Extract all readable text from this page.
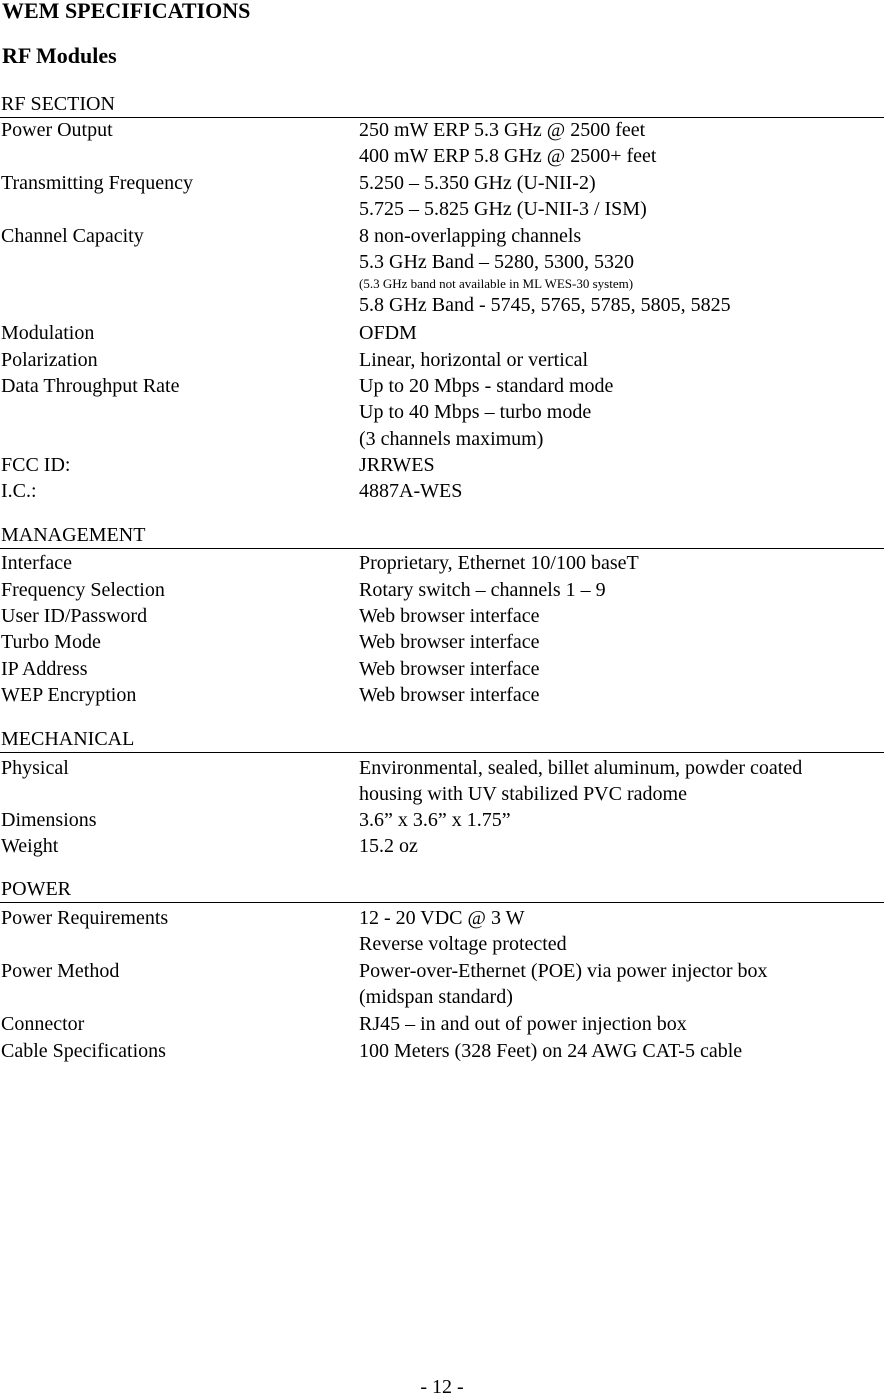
WEM SPECIFICATIONS
RF Modules
RF SECTION
Power Output	250 mW ERP 5.3 GHz @ 2500 feet
400 mW ERP 5.8 GHz @ 2500+ feet
Transmitting Frequency	5.250 – 5.350 GHz (U-NII-2)
5.725 – 5.825 GHz (U-NII-3 / ISM)
Channel Capacity	8 non-overlapping channels
5.3 GHz Band – 5280, 5300, 5320
(5.3 GHz band not available in ML WES-30 system)
5.8 GHz Band - 5745, 5765, 5785, 5805, 5825
Modulation	OFDM
Polarization	Linear, horizontal or vertical
Data Throughput Rate	Up to 20 Mbps - standard mode
Up to 40 Mbps – turbo mode
(3 channels maximum)
FCC ID:	JRRWES
I.C.:	4887A-WES
MANAGEMENT
Interface	Proprietary, Ethernet 10/100 baseT
Frequency Selection	Rotary switch – channels 1 – 9
User ID/Password	Web browser interface
Turbo Mode	Web browser interface
IP Address	Web browser interface
WEP Encryption	Web browser interface
MECHANICAL
Physical	Environmental, sealed, billet aluminum, powder coated
housing with UV stabilized PVC radome
Dimensions	3.6” x 3.6” x 1.75”
Weight	15.2 oz
POWER
Power Requirements	12 - 20 VDC @ 3 W
Reverse voltage protected
Power Method	Power-over-Ethernet (POE) via power injector box
(midspan standard)
Connector	RJ45 – in and out of power injection box
Cable Specifications	100 Meters (328 Feet) on 24 AWG CAT-5 cable
- 12 -
